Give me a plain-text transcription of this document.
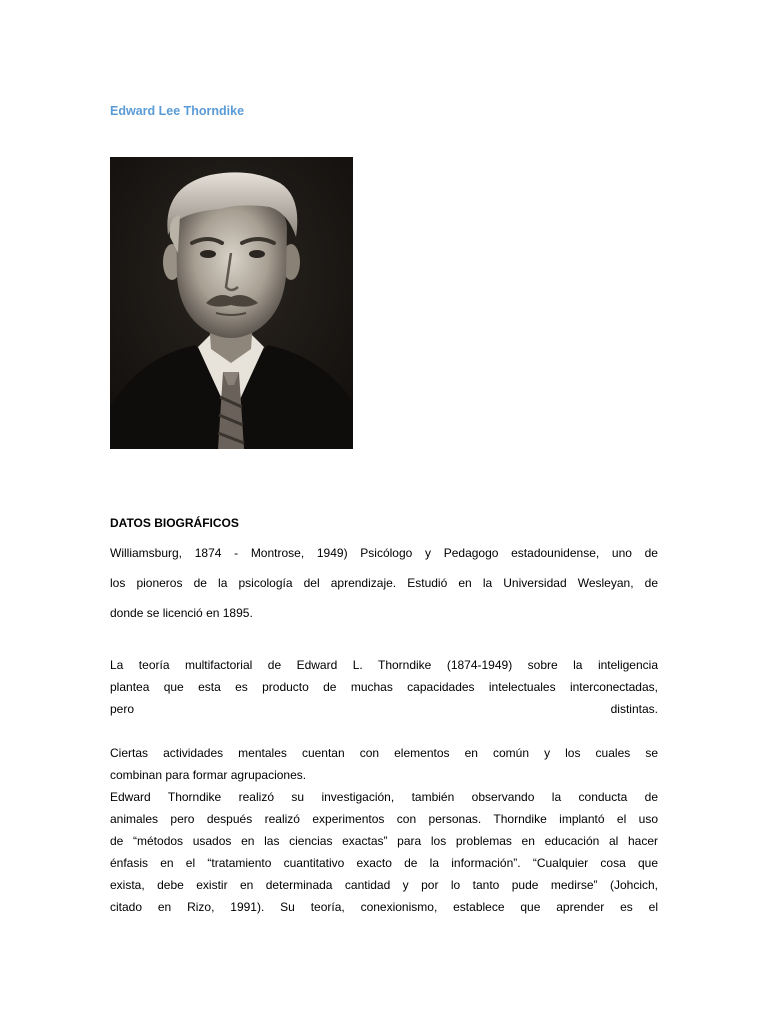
Edward Lee Thorndike
DATOS BIOGRÁFICOS

Williamsburg, 1874 - Montrose, 1949) Psicólogo y Pedagogo estadounidense, uno de

los pioneros de la psicología del aprendizaje. Estudió en la Universidad Wesleyan, de

donde se licenció en 1895.

La teoría multifactorial de Edward L. Thorndike (1874-1949) sobre la inteligencia

plantea que esta es producto de muchas capacidades intelectuales interconectadas,

pero distintas.

Ciertas actividades mentales cuentan con elementos en común y los cuales se

combinan para formar agrupaciones.

Edward Thorndike realizó su investigación, también observando la conducta de

animales pero después realizó experimentos con personas. Thorndike implantó el uso

de “métodos usados en las ciencias exactas” para los problemas en educación al hacer

énfasis en el “tratamiento cuantitativo exacto de la información”. “Cualquier cosa que

exista, debe existir en determinada cantidad y por lo tanto pude medirse” (Johcich,

citado en Rizo, 1991). Su teoría, conexionismo, establece que aprender es el
